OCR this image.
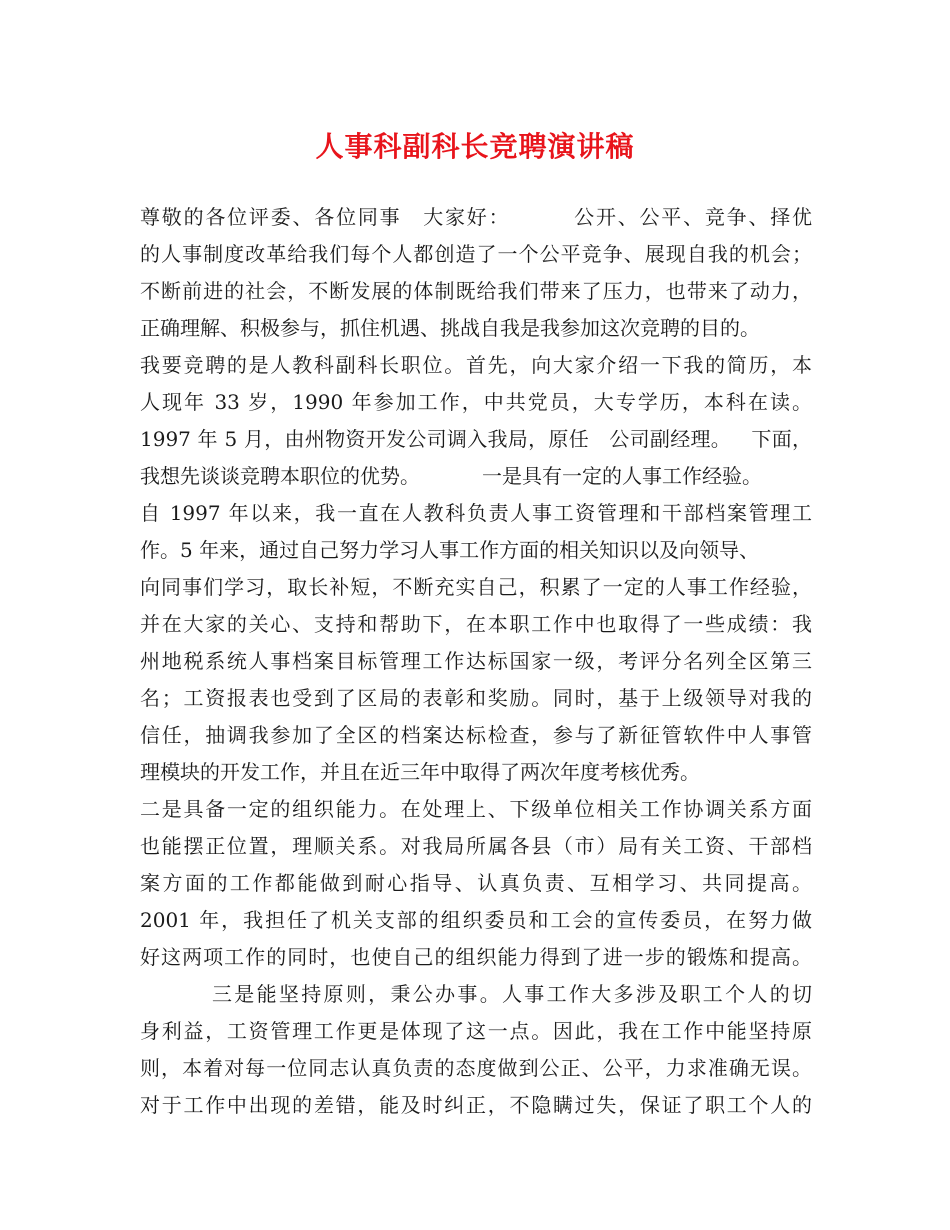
人事科副科长竞聘演讲稿
尊敬的各位评委、各位同事 大家好：	公开、公平、竞争、择优
的人事制度改革给我们每个人都创造了一个公平竞争、展现自我的机会；
不断前进的社会，不断发展的体制既给我们带来了压力，也带来了动力，
正确理解、积极参与，抓住机遇、挑战自我是我参加这次竞聘的目的。
我要竞聘的是人教科副科长职位。首先，向大家介绍一下我的简历，本
人现年 33 岁，1990 年参加工作，中共党员，大专学历，本科在读。
1997 年 5 月，由州物资开发公司调入我局，原任 公司副经理。 下面，
我想先谈谈竞聘本职位的优势。	一是具有一定的人事工作经验。
自 1997 年以来，我一直在人教科负责人事工资管理和干部档案管理工
作。5 年来，通过自己努力学习人事工作方面的相关知识以及向领导、
向同事们学习，取长补短，不断充实自己，积累了一定的人事工作经验，
并在大家的关心、支持和帮助下，在本职工作中也取得了一些成绩：我
州地税系统人事档案目标管理工作达标国家一级，考评分名列全区第三
名；工资报表也受到了区局的表彰和奖励。同时，基于上级领导对我的
信任，抽调我参加了全区的档案达标检查，参与了新征管软件中人事管
理模块的开发工作，并且在近三年中取得了两次年度考核优秀。
二是具备一定的组织能力。在处理上、下级单位相关工作协调关系方面
也能摆正位置，理顺关系。对我局所属各县（市）局有关工资、干部档
案方面的工作都能做到耐心指导、认真负责、互相学习、共同提高。
2001 年，我担任了机关支部的组织委员和工会的宣传委员，在努力做
好这两项工作的同时，也使自己的组织能力得到了进一步的锻炼和提高。
三是能坚持原则，秉公办事。人事工作大多涉及职工个人的切
身利益，工资管理工作更是体现了这一点。因此，我在工作中能坚持原
则，本着对每一位同志认真负责的态度做到公正、公平，力求准确无误。
对于工作中出现的差错，能及时纠正，不隐瞒过失，保证了职工个人的
